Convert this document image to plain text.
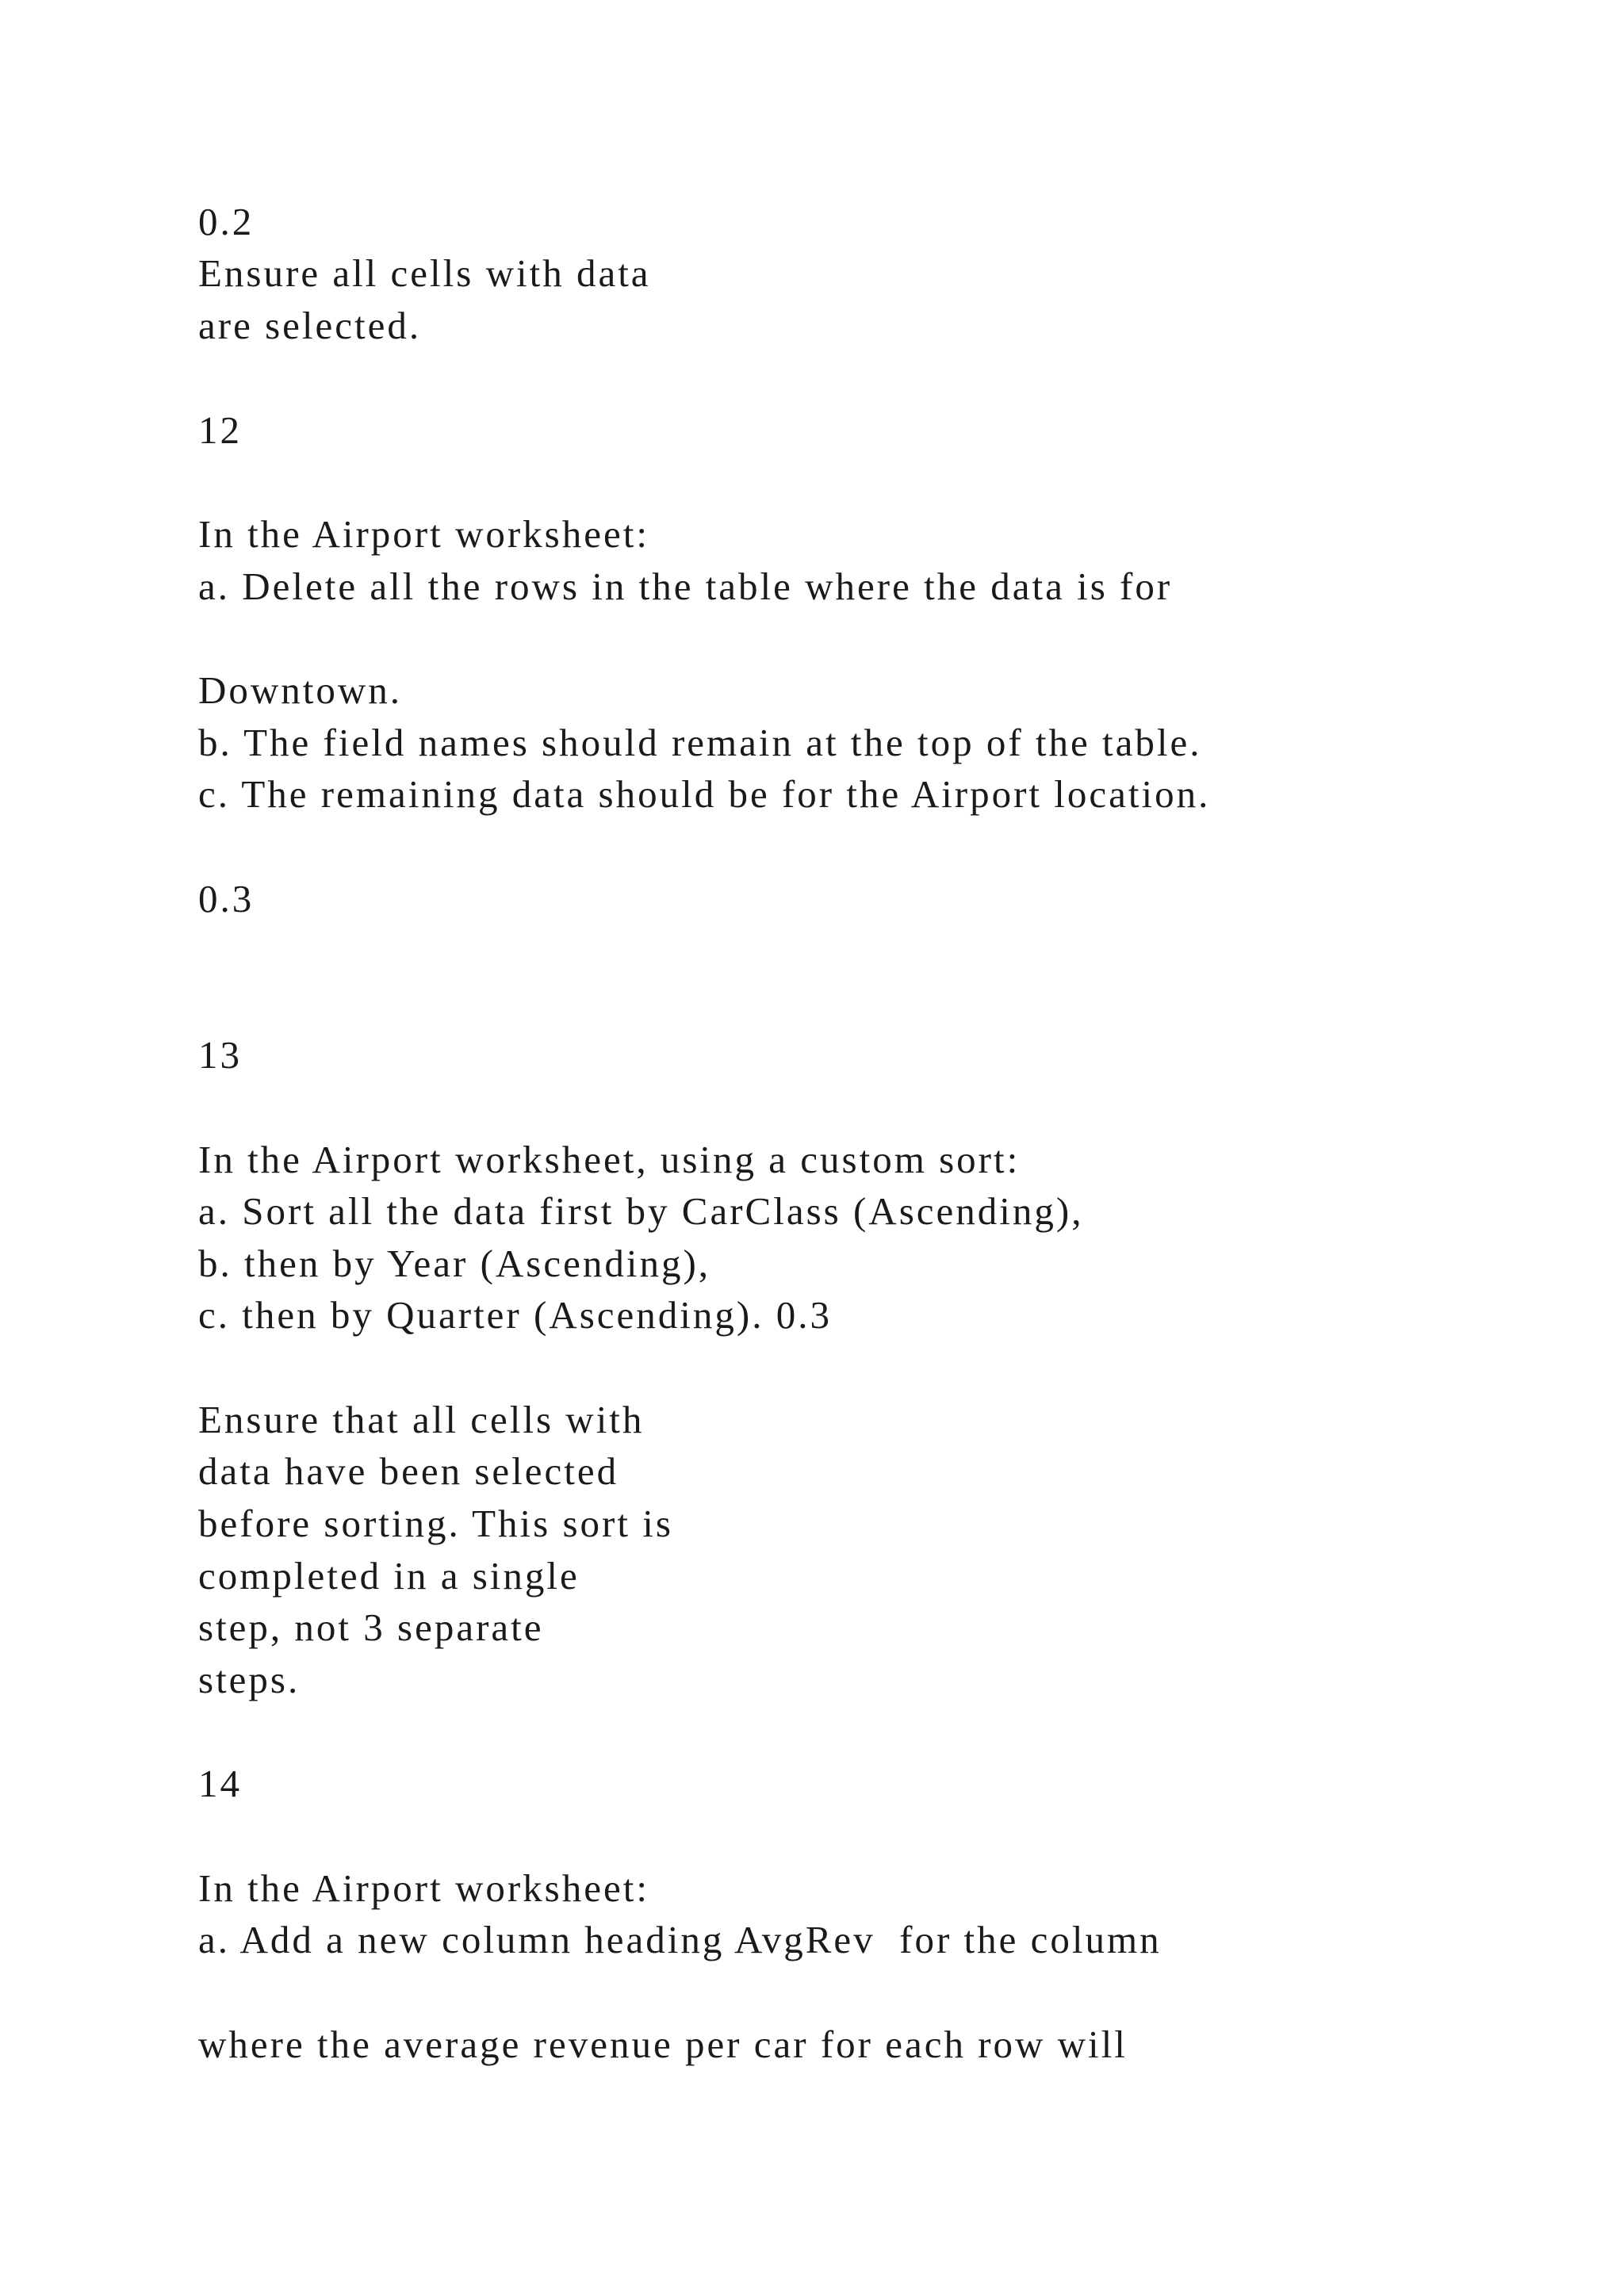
0.2

Ensure all cells with data

are selected.

12

In the Airport worksheet:

a. Delete all the rows in the table where the data is for

Downtown.

b. The field names should remain at the top of the table.

c. The remaining data should be for the Airport location.

0.3

13

In the Airport worksheet, using a custom sort:

a. Sort all the data first by CarClass (Ascending),

b. then by Year (Ascending),

c. then by Quarter (Ascending). 0.3

Ensure that all cells with

data have been selected

before sorting. This sort is

completed in a single

step, not 3 separate

steps.

14

In the Airport worksheet:

a. Add a new column heading AvgRev  for the column

where the average revenue per car for each row will
